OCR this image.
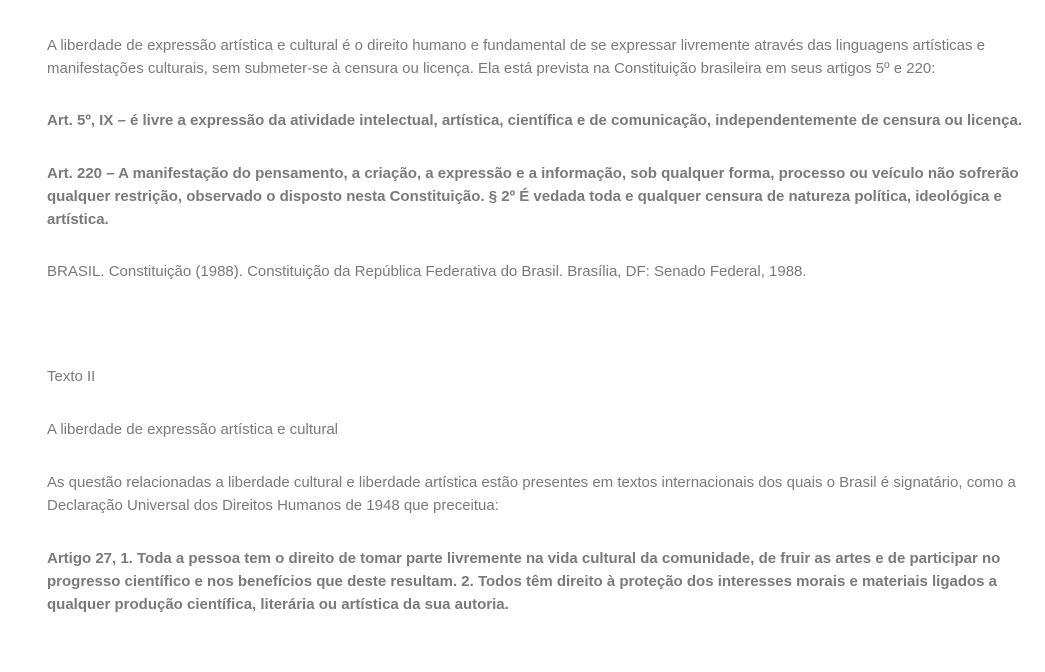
A liberdade de expressão artística e cultural é o direito humano e fundamental de se expressar livremente através das linguagens artísticas e manifestações culturais, sem submeter-se à censura ou licença. Ela está prevista na Constituição brasileira em seus artigos 5º e 220:

Art. 5º, IX – é livre a expressão da atividade intelectual, artística, científica e de comunicação, independentemente de censura ou licença.

Art. 220 – A manifestação do pensamento, a criação, a expressão e a informação, sob qualquer forma, processo ou veículo não sofrerão qualquer restrição, observado o disposto nesta Constituição. § 2º É vedada toda e qualquer censura de natureza política, ideológica e artística.

BRASIL. Constituição (1988). Constituição da República Federativa do Brasil. Brasília, DF: Senado Federal, 1988.

Texto II

A liberdade de expressão artística e cultural

As questão relacionadas a liberdade cultural e liberdade artística estão presentes em textos internacionais dos quais o Brasil é signatário, como a Declaração Universal dos Direitos Humanos de 1948 que preceitua:

Artigo 27, 1. Toda a pessoa tem o direito de tomar parte livremente na vida cultural da comunidade, de fruir as artes e de participar no progresso científico e nos benefícios que deste resultam. 2. Todos têm direito à proteção dos interesses morais e materiais ligados a qualquer produção científica, literária ou artística da sua autoria.
